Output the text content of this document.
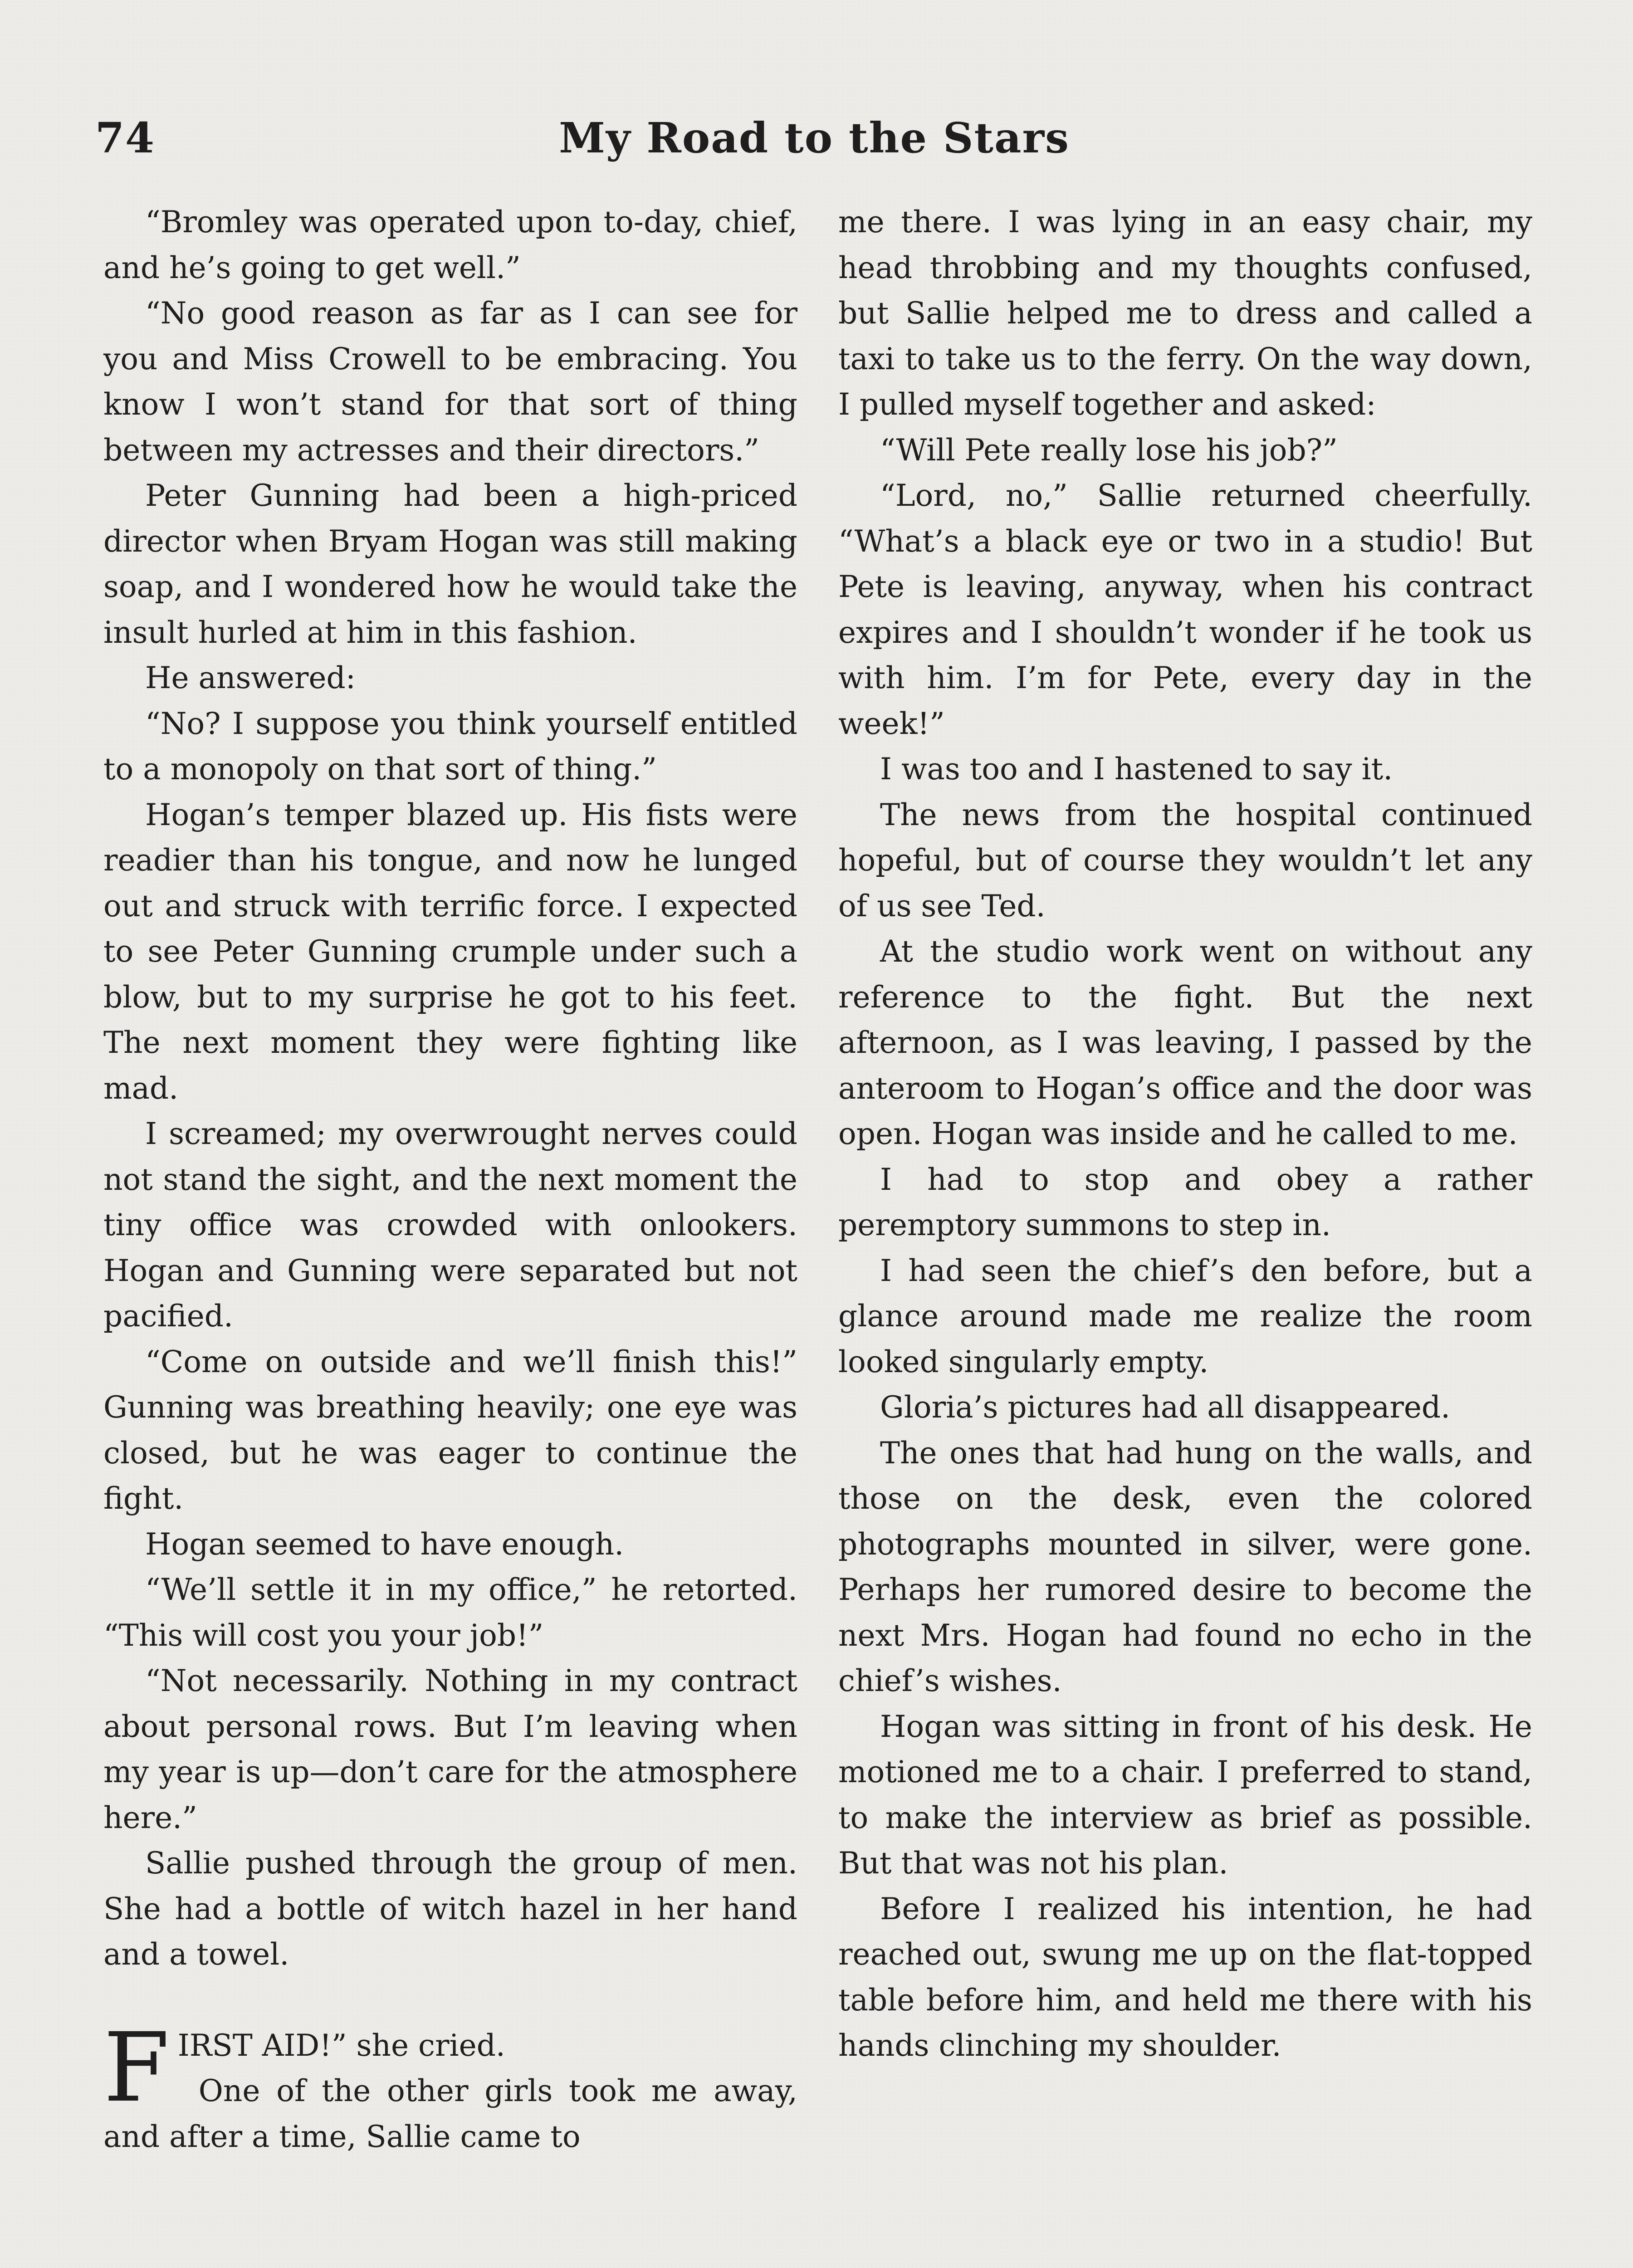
74	My Road to the Stars

“Bromley was operated upon to-day, chief, and he’s going to get well.”

“No good reason as far as I can see for you and Miss Crowell to be embracing. You know I won’t stand for that sort of thing between my actresses and their directors.”

Peter Gunning had been a high-priced director when Bryam Hogan was still making soap, and I wondered how he would take the insult hurled at him in this fashion.

He answered:

“No? I suppose you think yourself entitled to a monopoly on that sort of thing.”

Hogan’s temper blazed up. His fists were readier than his tongue, and now he lunged out and struck with terrific force. I expected to see Peter Gunning crumple under such a blow, but to my surprise he got to his feet. The next moment they were fighting like mad.

I screamed; my overwrought nerves could not stand the sight, and the next moment the tiny office was crowded with onlookers. Hogan and Gunning were separated but not pacified.

“Come on outside and we’ll finish this!” Gunning was breathing heavily; one eye was closed, but he was eager to continue the fight.

Hogan seemed to have enough.

“We’ll settle it in my office,” he retorted. “This will cost you your job!”

“Not necessarily. Nothing in my contract about personal rows. But I’m leaving when my year is up—don’t care for the atmosphere here.”

Sallie pushed through the group of men. She had a bottle of witch hazel in her hand and a towel.

FIRST AID!” she cried.
One of the other girls took me away, and after a time, Sallie came to

me there. I was lying in an easy chair, my head throbbing and my thoughts confused, but Sallie helped me to dress and called a taxi to take us to the ferry. On the way down, I pulled myself together and asked:

“Will Pete really lose his job?”

“Lord, no,” Sallie returned cheerfully. “What’s a black eye or two in a studio! But Pete is leaving, anyway, when his contract expires and I shouldn’t wonder if he took us with him. I’m for Pete, every day in the week!”

I was too and I hastened to say it.

The news from the hospital continued hopeful, but of course they wouldn’t let any of us see Ted.

At the studio work went on without any reference to the fight. But the next afternoon, as I was leaving, I passed by the anteroom to Hogan’s office and the door was open. Hogan was inside and he called to me.

I had to stop and obey a rather peremptory summons to step in.

I had seen the chief’s den before, but a glance around made me realize the room looked singularly empty.

Gloria’s pictures had all disappeared.

The ones that had hung on the walls, and those on the desk, even the colored photographs mounted in silver, were gone. Perhaps her rumored desire to become the next Mrs. Hogan had found no echo in the chief’s wishes.

Hogan was sitting in front of his desk. He motioned me to a chair. I preferred to stand, to make the interview as brief as possible. But that was not his plan.

Before I realized his intention, he had reached out, swung me up on the flat-topped table before him, and held me there with his hands clinching my shoulder.
